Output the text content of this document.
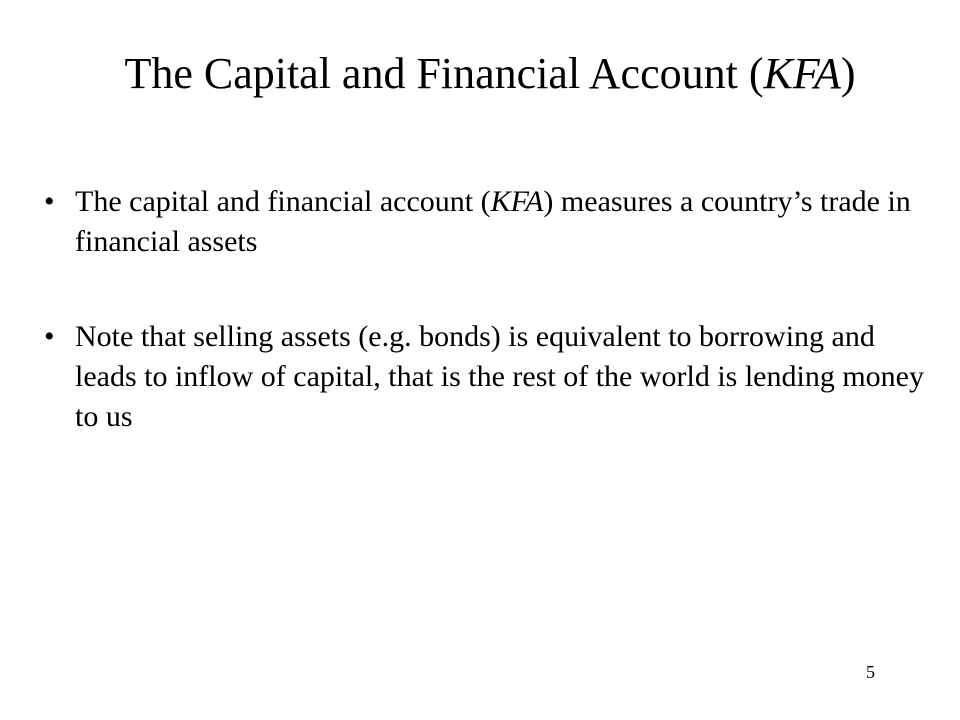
The Capital and Financial Account (KFA)
• The capital and financial account (KFA) measures a country’s trade in financial assets
• Note that selling assets (e.g. bonds) is equivalent to borrowing and leads to inflow of capital, that is the rest of the world is lending money to us
5
